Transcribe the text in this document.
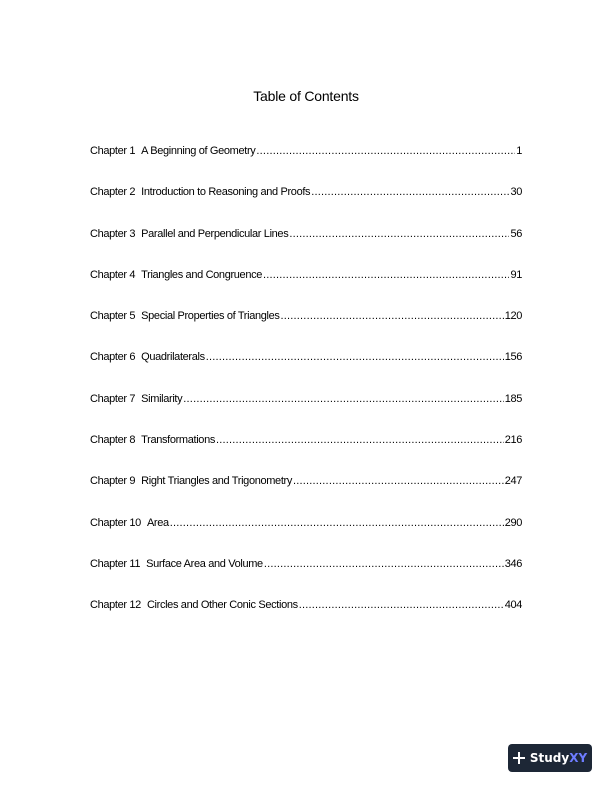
Table of Contents
Chapter 1 A Beginning of Geometry .....	1
Chapter 2 Introduction to Reasoning and Proofs .....	30
Chapter 3 Parallel and Perpendicular Lines .....	56
Chapter 4 Triangles and Congruence .....	91
Chapter 5 Special Properties of Triangles .....	120
Chapter 6 Quadrilaterals .....	156
Chapter 7 Similarity .....	185
Chapter 8 Transformations .....	216
Chapter 9 Right Triangles and Trigonometry .....	247
Chapter 10 Area .....	290
Chapter 11 Surface Area and Volume .....	346
Chapter 12 Circles and Other Conic Sections .....	404
Study XY
